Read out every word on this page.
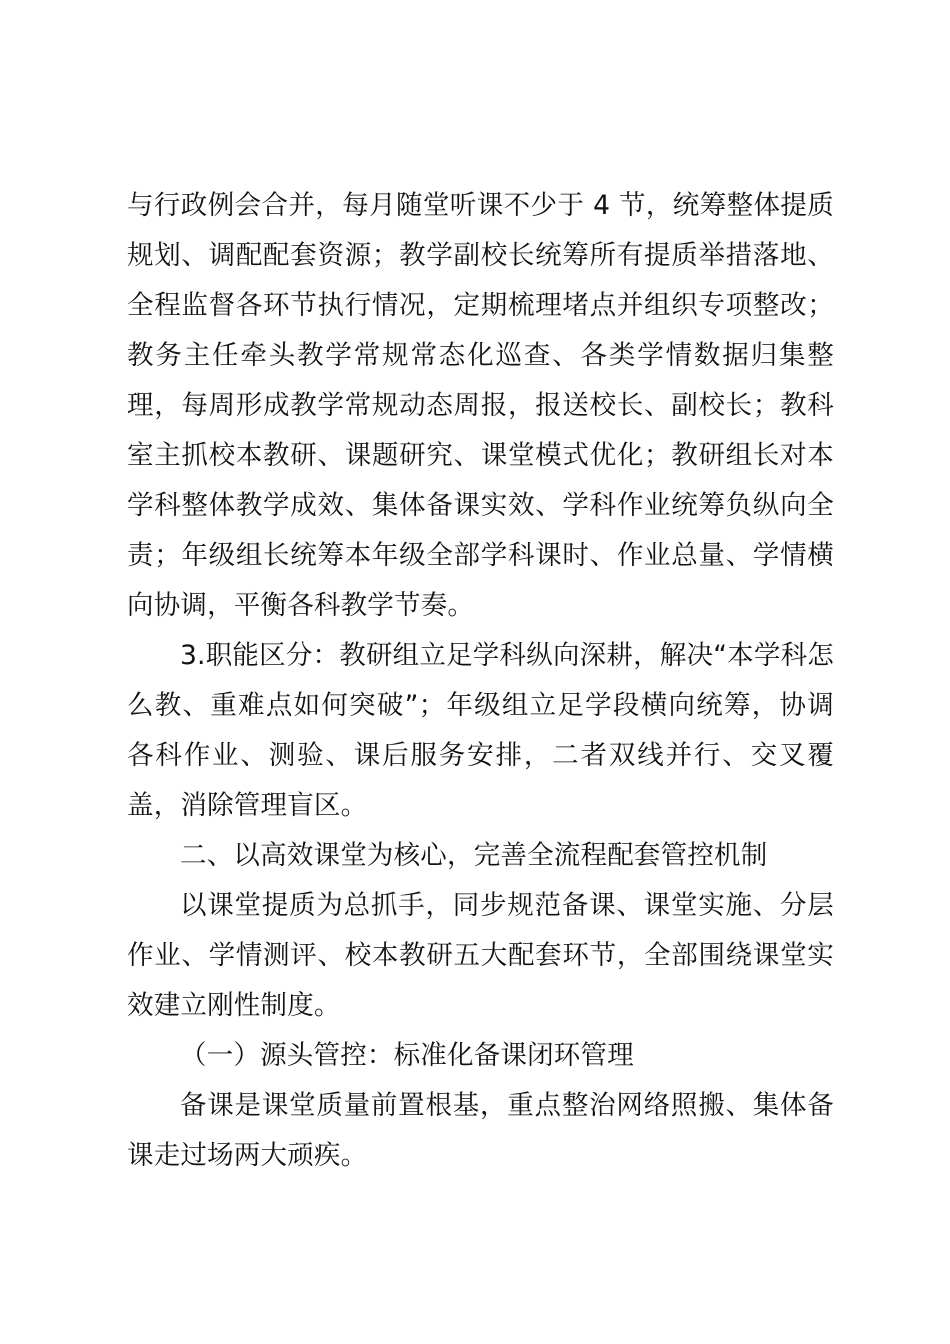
与行政例会合并，每月随堂听课不少于 4 节，统筹整体提质规划、调配配套资源；教学副校长统筹所有提质举措落地、全程监督各环节执行情况，定期梳理堵点并组织专项整改；教务主任牵头教学常规常态化巡查、各类学情数据归集整理，每周形成教学常规动态周报，报送校长、副校长；教科室主抓校本教研、课题研究、课堂模式优化；教研组长对本学科整体教学成效、集体备课实效、学科作业统筹负纵向全责；年级组长统筹本年级全部学科课时、作业总量、学情横向协调，平衡各科教学节奏。

3.职能区分：教研组立足学科纵向深耕，解决“本学科怎么教、重难点如何突破”；年级组立足学段横向统筹，协调各科作业、测验、课后服务安排，二者双线并行、交叉覆盖，消除管理盲区。

二、以高效课堂为核心，完善全流程配套管控机制

以课堂提质为总抓手，同步规范备课、课堂实施、分层作业、学情测评、校本教研五大配套环节，全部围绕课堂实效建立刚性制度。

（一）源头管控：标准化备课闭环管理

备课是课堂质量前置根基，重点整治网络照搬、集体备课走过场两大顽疾。
